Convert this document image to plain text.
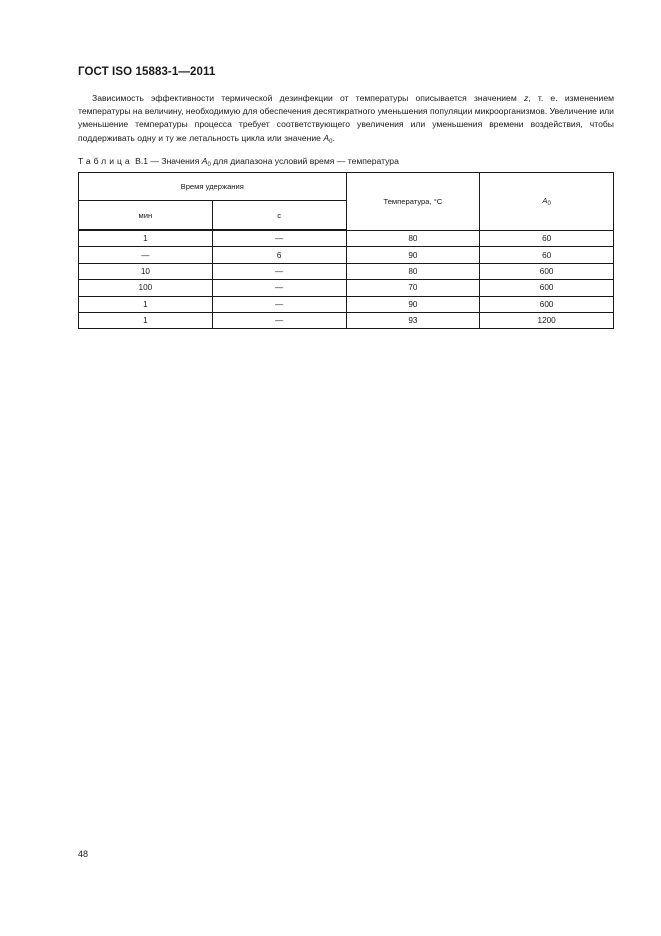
ГОСТ ISO 15883-1—2011

Зависимость эффективности термической дезинфекции от температуры описывается значением z, т. е. изменением температуры на величину, необходимую для обеспечения десятикратного уменьшения популяции микроорганизмов. Увеличение или уменьшение температуры процесса требует соответствующего увеличения или уменьшения времени воздействия, чтобы поддерживать одну и ту же летальность цикла или значение $A_0$.

Таблица В.1 — Значения $A_0$ для диапазона условий время — температура
Время удержания		Температура, °С	$A_0$
мин	с		
1	—	80	60
—	6	90	60
10	—	80	600
100	—	70	600
1	—	90	600
1	—	93	1200
48
